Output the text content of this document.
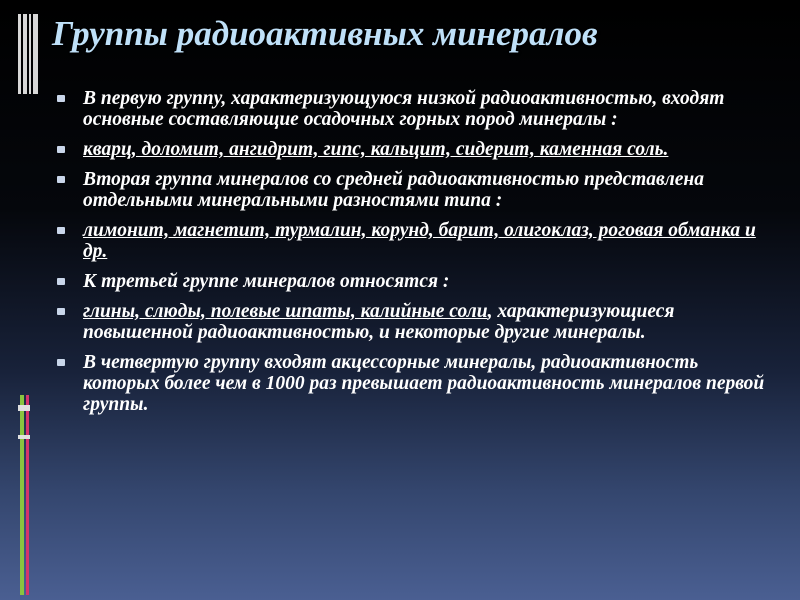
Группы радиоактивных минералов
В первую группу, характеризующуюся низкой радиоактивностью, входят основные составляющие осадочных горных пород минералы :
кварц, доломит, ангидрит, гипс, кальцит, сидерит, каменная соль.
Вторая группа минералов со средней радиоактивностью представлена отдельными минеральными разностями типа :
лимонит, магнетит, турмалин, корунд, барит, олигоклаз, роговая обманка и др.
К третьей группе минералов относятся :
глины, слюды, полевые шпаты, калийные соли, характеризующиеся повышенной радиоактивностью, и некоторые другие минералы.
В четвертую группу входят акцессорные минералы, радиоактивность которых более чем в 1000 раз превышает радиоактивность минералов первой группы.
